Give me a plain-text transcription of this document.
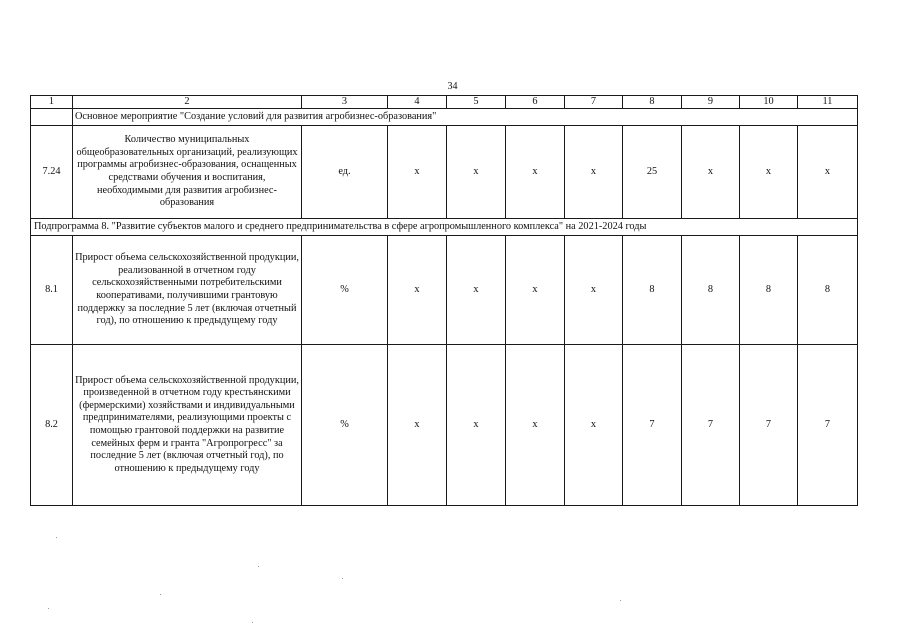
34
1	2	3	4	5	6	7	8	9	10	11
	Основное мероприятие "Создание условий для развития агробизнес-образования"									
7.24	Количество муниципальных общеобразовательных организаций, реализующих программы агробизнес-образования, оснащенных средствами обучения и воспитания, необходимыми для развития агробизнес-образования	ед.	х	х	х	х	25	х	х	х
Подпрограмма 8. "Развитие субъектов малого и среднего предпринимательства в сфере агропромышленного комплекса" на 2021-2024 годы										
8.1	Прирост объема сельскохозяйственной продукции, реализованной в отчетном году сельскохозяйственными потребительскими кооперативами, получившими грантовую поддержку за последние 5 лет (включая отчетный год), по отношению к предыдущему году	%	х	х	х	х	8	8	8	8
8.2	Прирост объема сельскохозяйственной продукции, произведенной в отчетном году крестьянскими (фермерскими) хозяйствами и индивидуальными предпринимателями, реализующими проекты с помощью грантовой поддержки на развитие семейных ферм и гранта "Агропрогресс" за последние 5 лет (включая отчетный год), по отношению к предыдущему году	%	х	х	х	х	7	7	7	7
